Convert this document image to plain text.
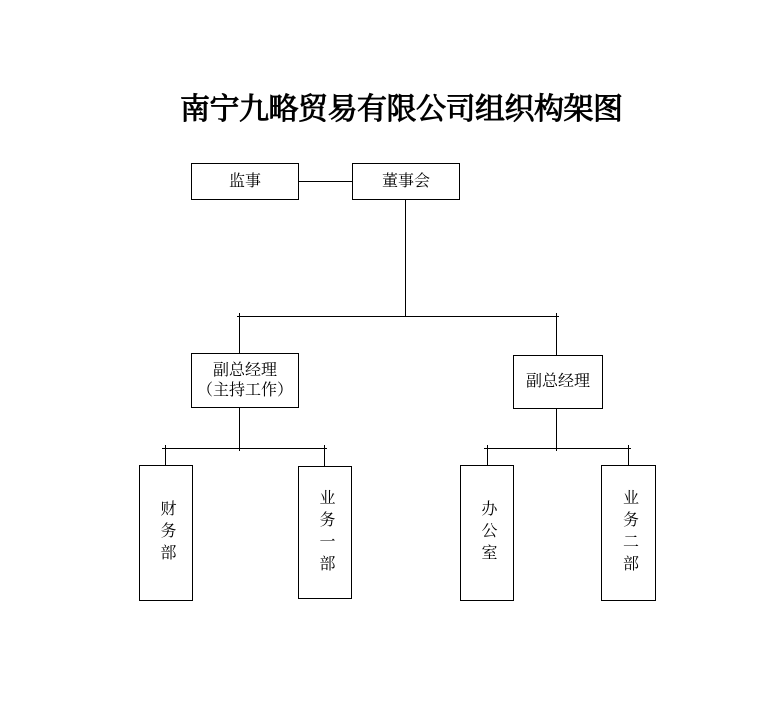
南宁九略贸易有限公司组织构架图
监事	董事会
副总经理
（主持工作）	副总经理
财务部	业务一部	办公室	业务二部
